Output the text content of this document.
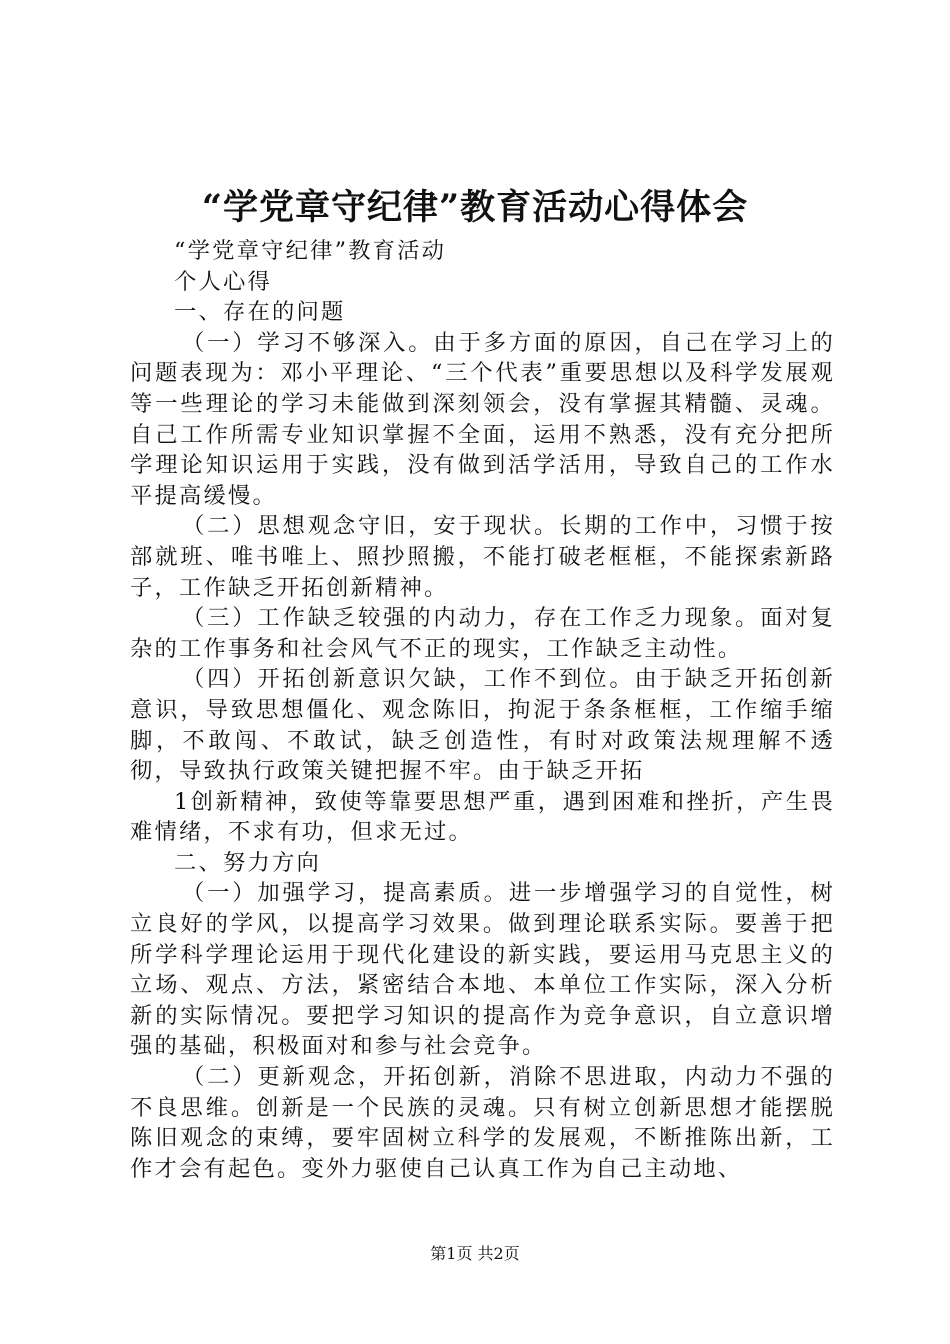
“学党章守纪律”教育活动心得体会

“学党章守纪律”教育活动

个人心得

一、存在的问题

（一）学习不够深入。由于多方面的原因，自己在学习上的问题表现为：邓小平理论、“三个代表”重要思想以及科学发展观等一些理论的学习未能做到深刻领会，没有掌握其精髓、灵魂。自己工作所需专业知识掌握不全面，运用不熟悉，没有充分把所学理论知识运用于实践，没有做到活学活用，导致自己的工作水平提高缓慢。

（二）思想观念守旧，安于现状。长期的工作中，习惯于按部就班、唯书唯上、照抄照搬，不能打破老框框，不能探索新路子，工作缺乏开拓创新精神。

（三）工作缺乏较强的内动力，存在工作乏力现象。面对复杂的工作事务和社会风气不正的现实，工作缺乏主动性。

（四）开拓创新意识欠缺，工作不到位。由于缺乏开拓创新意识，导致思想僵化、观念陈旧，拘泥于条条框框，工作缩手缩脚，不敢闯、不敢试，缺乏创造性，有时对政策法规理解不透彻，导致执行政策关键把握不牢。由于缺乏开拓

1创新精神，致使等靠要思想严重，遇到困难和挫折，产生畏难情绪，不求有功，但求无过。

二、努力方向

（一）加强学习，提高素质。进一步增强学习的自觉性，树立良好的学风，以提高学习效果。做到理论联系实际。要善于把所学科学理论运用于现代化建设的新实践，要运用马克思主义的立场、观点、方法，紧密结合本地、本单位工作实际，深入分析新的实际情况。要把学习知识的提高作为竞争意识，自立意识增强的基础，积极面对和参与社会竞争。

（二）更新观念，开拓创新，消除不思进取，内动力不强的不良思维。创新是一个民族的灵魂。只有树立创新思想才能摆脱陈旧观念的束缚，要牢固树立科学的发展观，不断推陈出新，工作才会有起色。变外力驱使自己认真工作为自己主动地、

第1页 共2页
